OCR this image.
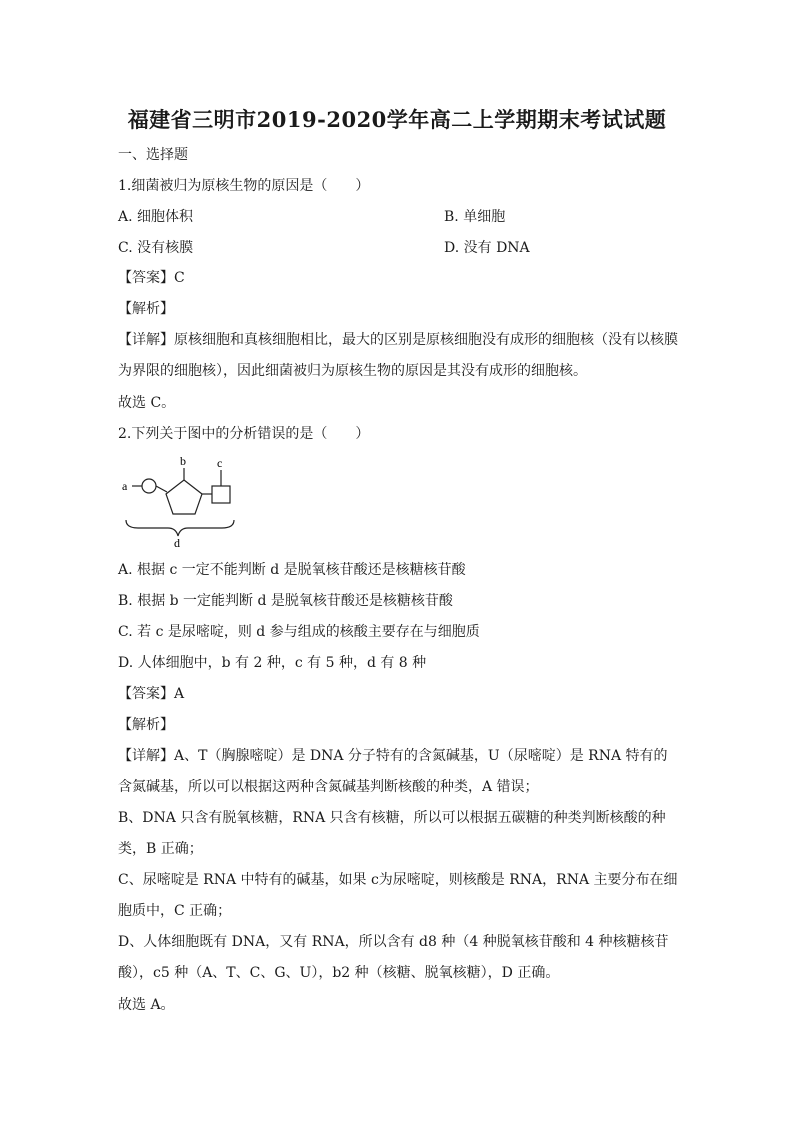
福建省三明市2019-2020学年高二上学期期末考试试题
一、选择题
1.细菌被归为原核生物的原因是（　　）
A. 细胞体积	B. 单细胞
C. 没有核膜	D. 没有 DNA
【答案】C
【解析】
【详解】原核细胞和真核细胞相比，最大的区别是原核细胞没有成形的细胞核（没有以核膜为界限的细胞核），因此细菌被归为原核生物的原因是其没有成形的细胞核。
故选 C。
2.下列关于图中的分析错误的是（　　）
a
b	c
d
A. 根据 c 一定不能判断 d 是脱氧核苷酸还是核糖核苷酸
B. 根据 b 一定能判断 d 是脱氧核苷酸还是核糖核苷酸
C. 若 c 是尿嘧啶，则 d 参与组成的核酸主要存在与细胞质
D. 人体细胞中，b 有 2 种，c 有 5 种，d 有 8 种
【答案】A
【解析】
【详解】A、T（胸腺嘧啶）是 DNA 分子特有的含氮碱基，U（尿嘧啶）是 RNA 特有的含氮碱基，所以可以根据这两种含氮碱基判断核酸的种类，A 错误；
B、DNA 只含有脱氧核糖，RNA 只含有核糖，所以可以根据五碳糖的种类判断核酸的种类，B 正确；
C、尿嘧啶是 RNA 中特有的碱基，如果 c为尿嘧啶，则核酸是 RNA，RNA 主要分布在细胞质中，C 正确；
D、人体细胞既有 DNA，又有 RNA，所以含有 d8 种（4 种脱氧核苷酸和 4 种核糖核苷酸），c5 种（A、T、C、G、U），b2 种（核糖、脱氧核糖），D 正确。
故选 A。
